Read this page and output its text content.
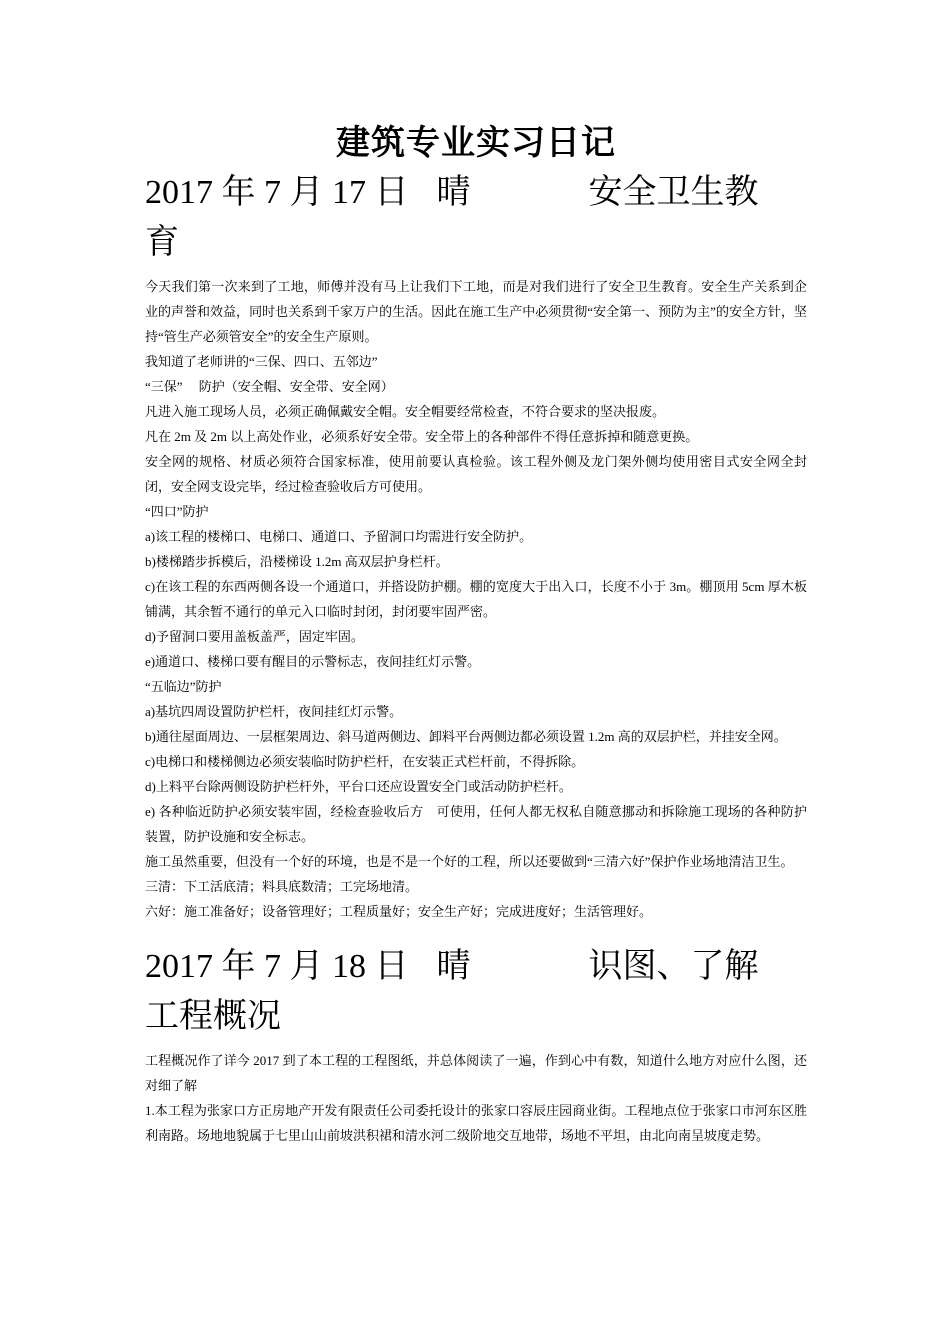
建筑专业实习日记
2017 年 7 月 17 日 晴	安全卫生教
育

今天我们第一次来到了工地，师傅并没有马上让我们下工地，而是对我们进行了安全卫生教育。安全生产关系到企业的声誉和效益，同时也关系到千家万户的生活。因此在施工生产中必须贯彻“安全第一、预防为主”的安全方针，坚持“管生产必须管安全”的安全生产原则。

我知道了老师讲的“三保、四口、五邻边”

“三保”　 防护（安全帽、安全带、安全网）

凡进入施工现场人员，必须正确佩戴安全帽。安全帽要经常检查，不符合要求的坚决报废。

凡在 2m 及 2m 以上高处作业，必须系好安全带。安全带上的各种部件不得任意拆掉和随意更换。

安全网的规格、材质必须符合国家标准，使用前要认真检验。该工程外侧及龙门架外侧均使用密目式安全网全封闭，安全网支设完毕，经过检查验收后方可使用。

“四口”防护

a)该工程的楼梯口、电梯口、通道口、予留洞口均需进行安全防护。

b)楼梯踏步拆模后，沿楼梯设 1.2m 高双层护身栏杆。

c)在该工程的东西两侧各设一个通道口，并搭设防护棚。棚的宽度大于出入口，长度不小于 3m。棚顶用 5cm 厚木板铺满，其余暂不通行的单元入口临时封闭，封闭要牢固严密。

d)予留洞口要用盖板盖严，固定牢固。

e)通道口、楼梯口要有醒目的示警标志，夜间挂红灯示警。

“五临边”防护

a)基坑四周设置防护栏杆，夜间挂红灯示警。

b)通往屋面周边、一层框架周边、斜马道两侧边、卸料平台两侧边都必须设置 1.2m 高的双层护栏，并挂安全网。

c)电梯口和楼梯侧边必须安装临时防护栏杆，在安装正式栏杆前，不得拆除。

d)上料平台除两侧设防护栏杆外，平台口还应设置安全门或活动防护栏杆。

e) 各种临近防护必须安装牢固，经检查验收后方　可使用，任何人都无权私自随意挪动和拆除施工现场的各种防护装置，防护设施和安全标志。

施工虽然重要，但没有一个好的环境，也是不是一个好的工程，所以还要做到“三清六好”保护作业场地清洁卫生。

三清：下工活底清；料具底数清；工完场地清。

六好：施工准备好；设备管理好；工程质量好；安全生产好；完成进度好；生活管理好。

2017 年 7 月 18 日 晴	识图、了解
工程概况

工程概况作了详今 2017 到了本工程的工程图纸，并总体阅读了一遍，作到心中有数，知道什么地方对应什么图，还对细了解

1.本工程为张家口方正房地产开发有限责任公司委托设计的张家口容辰庄园商业街。工程地点位于张家口市河东区胜利南路。场地地貌属于七里山山前坡洪积裙和清水河二级阶地交互地带，场地不平坦，由北向南呈坡度走势。
